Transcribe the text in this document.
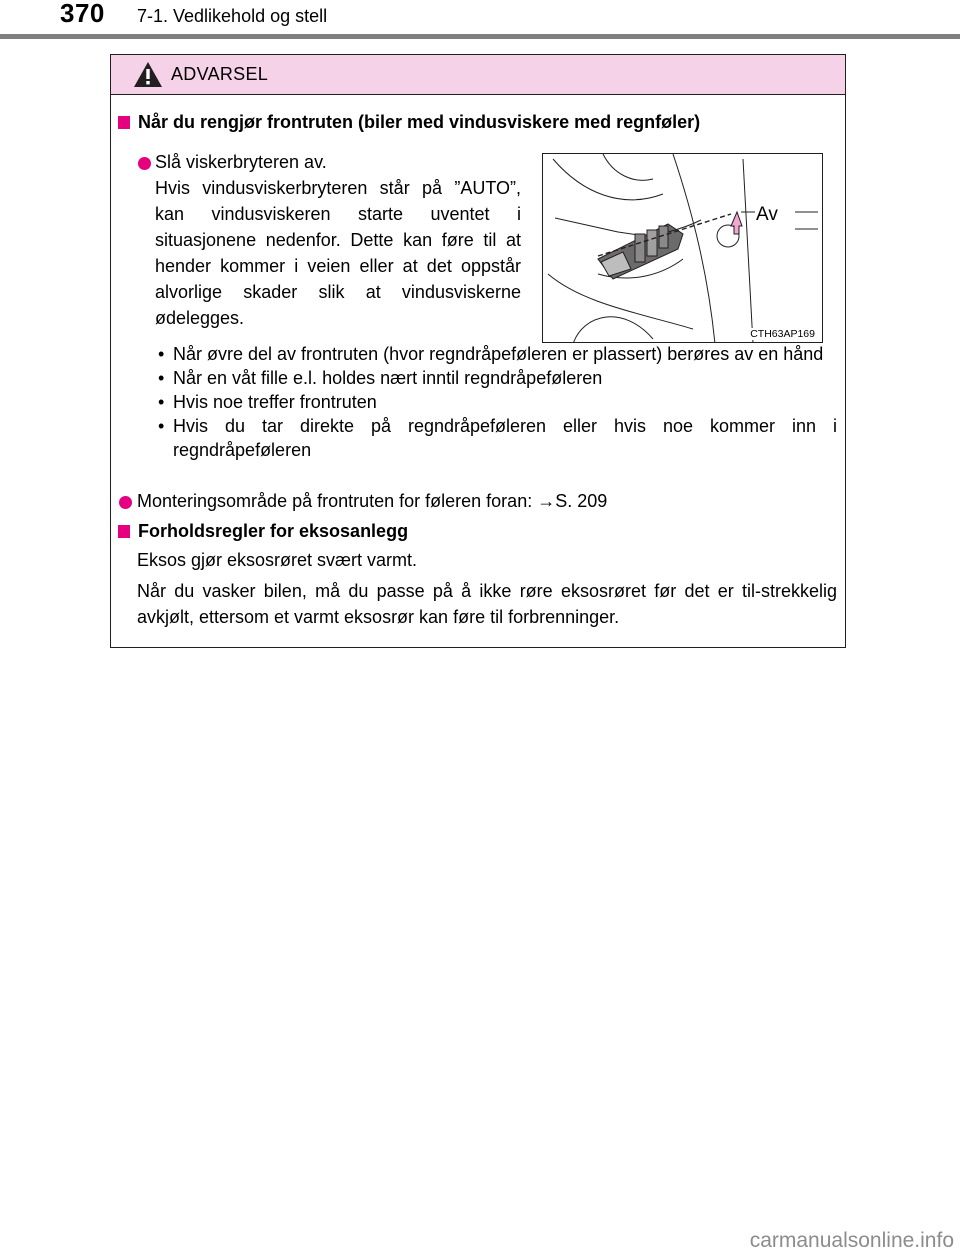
370 7-1. Vedlikehold og stell
ADVARSEL
Når du rengjør frontruten (biler med vindusviskere med regnføler)
Slå viskerbryteren av.
Hvis vindusviskerbryteren står på ”AUTO”, kan vindusviskeren starte uventet i situasjonene nedenfor. Dette kan føre til at hender kommer i veien eller at det oppstår alvorlige skader slik at vindusviskerne ødelegges.
Av
CTH63AP169
• Når øvre del av frontruten (hvor regndråpeføleren er plassert) berøres av en hånd
• Når en våt fille e.l. holdes nært inntil regndråpeføleren
• Hvis noe treffer frontruten
• Hvis du tar direkte på regndråpeføleren eller hvis noe kommer inn i regndråpeføleren
Monteringsområde på frontruten for føleren foran: →S. 209
Forholdsregler for eksosanlegg
Eksos gjør eksosrøret svært varmt.
Når du vasker bilen, må du passe på å ikke røre eksosrøret før det er til-strekkelig avkjølt, ettersom et varmt eksosrør kan føre til forbrenninger.
carmanualsonline.info
